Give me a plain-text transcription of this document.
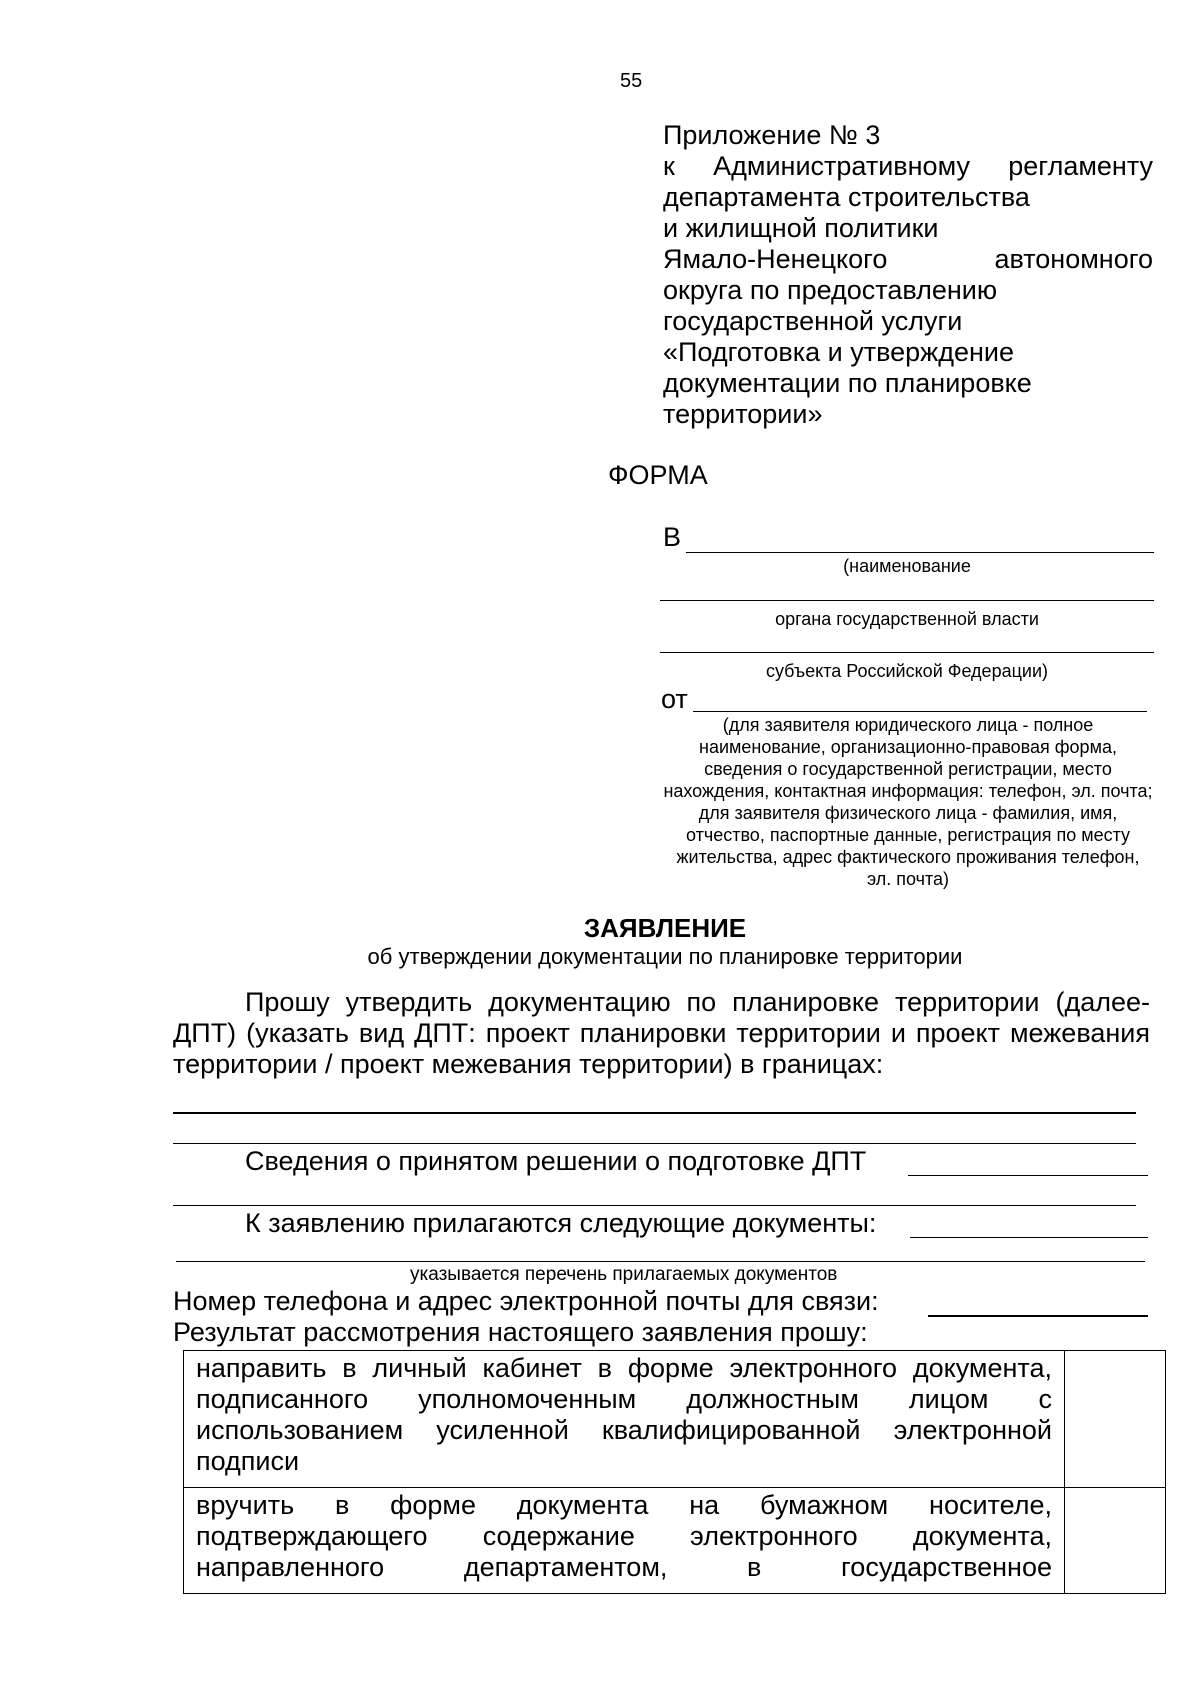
55
Приложение № 3
к Административному регламенту
департамента строительства
и жилищной политики
Ямало-Ненецкого автономного
округа по предоставлению
государственной услуги
«Подготовка и утверждение
документации по планировке
территории»
ФОРМА
В
(наименование
органа государственной власти
субъекта Российской Федерации)
от
(для заявителя юридического лица - полное наименование, организационно-правовая форма, сведения о государственной регистрации, место нахождения, контактная информация: телефон, эл. почта; для заявителя физического лица - фамилия, имя, отчество, паспортные данные, регистрация по месту жительства, адрес фактического проживания телефон, эл. почта)
ЗАЯВЛЕНИЕ
об утверждении документации по планировке территории
Прошу утвердить документацию по планировке территории (далее-ДПТ) (указать вид ДПТ: проект планировки территории и проект межевания территории / проект межевания территории) в границах:
Сведения о принятом решении о подготовке ДПТ
К заявлению прилагаются следующие документы:
указывается перечень прилагаемых документов
Номер телефона и адрес электронной почты для связи:
Результат рассмотрения настоящего заявления прошу:
направить в личный кабинет в форме электронного документа, подписанного уполномоченным должностным лицом с использованием усиленной квалифицированной электронной подписи	
вручить в форме документа на бумажном носителе, подтверждающего содержание электронного документа, направленного департаментом, в государственное	
